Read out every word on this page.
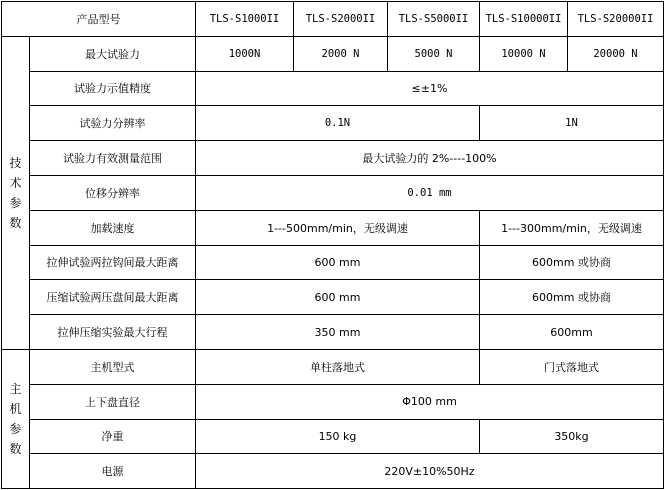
产品型号		TLS-S1000II	TLS-S2000II	TLS-S5000II	TLS-S10000II	TLS-S20000II

技
术
参
数	最大试验力	1000N	2000 N	5000 N	10000 N	20000 N
	试验力示值精度	≤±1%				
	试验力分辨率	0.1N			1N	
	试验力有效测量范围	最大试验力的 2%----100%				
	位移分辨率	0.01 mm				
	加载速度	1---500mm/min，无级调速			1---300mm/min，无级调速	
	拉伸试验两拉钩间最大距离	600 mm			600mm 或协商	
	压缩试验两压盘间最大距离	600 mm			600mm 或协商	
	拉伸压缩实验最大行程	350 mm			600mm	

主
机
参
数	主机型式	单柱落地式			门式落地式	
	上下盘直径	Φ100 mm				
	净重	150 kg			350kg	
	电源	220V±10%50Hz				
